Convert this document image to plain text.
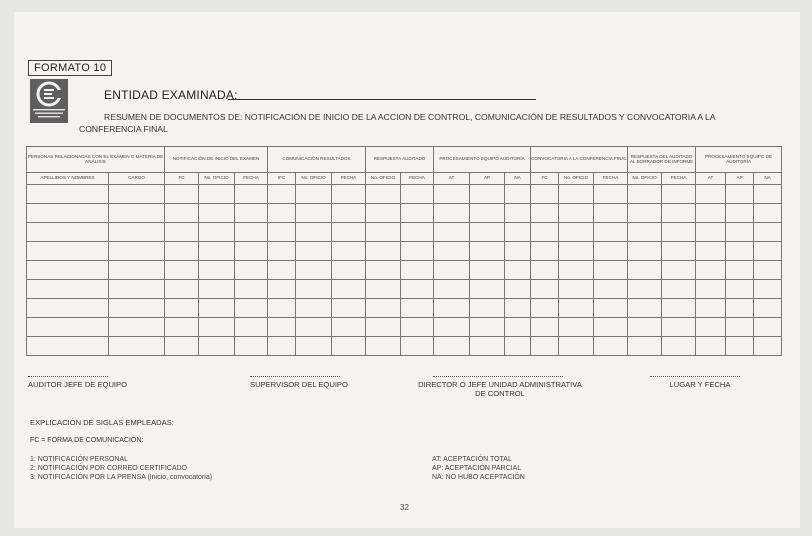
FORMATO 10
ENTIDAD EXAMINADA:
RESUMEN DE DOCUMENTOS DE: NOTIFICACIÓN DE INICIO DE LA ACCION DE CONTROL, COMUNICACIÓN DE RESULTADOS Y CONVOCATORIA A LA
CONFERENCIA FINAL
PERSONAS RELACIONADAS CON EL EXAMEN O MATERIA DE ANÁLISIS		NOTIFICACIÓN DE INICIO DEL EXAMEN			COMUNICACIÓN RESULTADOS			RESPUESTA AUDITADO		PROCESAMIENTO EQUIPO AUDITORÍA			CONVOCATORIA A LA CONFERENCIA FINAL			RESPUESTA DEL AUDITADO AL BORRADOR DE INFORME		PROCESAMIENTO EQUIPO DE AUDITORÍA		
APELLIDOS Y NOMBRES	CARGO	FC	No. OFICIO	FECHA	IFC	No. OFICIO	FECHA	No. OFICIO	FECHA	AT	AP	NA	FC	No. OFICIO	FECHA	No. OFICIO	FECHA	AT	AP	NA

AUDITOR JEFE DE EQUIPO	SUPERVISOR DEL EQUIPO	DIRECTOR O JEFE UNIDAD ADMINISTRATIVA
DE CONTROL
LUGAR Y FECHA
EXPLICACIÓN DE SIGLAS EMPLEADAS:
FC = FORMA DE COMUNICACIÓN:
1: NOTIFICACIÓN PERSONAL
2: NOTIFICACIÓN POR CORREO CERTIFICADO
3: NOTIFICACIÓN POR LA PRENSA (Inicio, convocatoria)
AT: ACEPTACIÓN TOTAL
AP: ACEPTACIÓN PARCIAL
NA: NO HUBO ACEPTACIÓN
32
